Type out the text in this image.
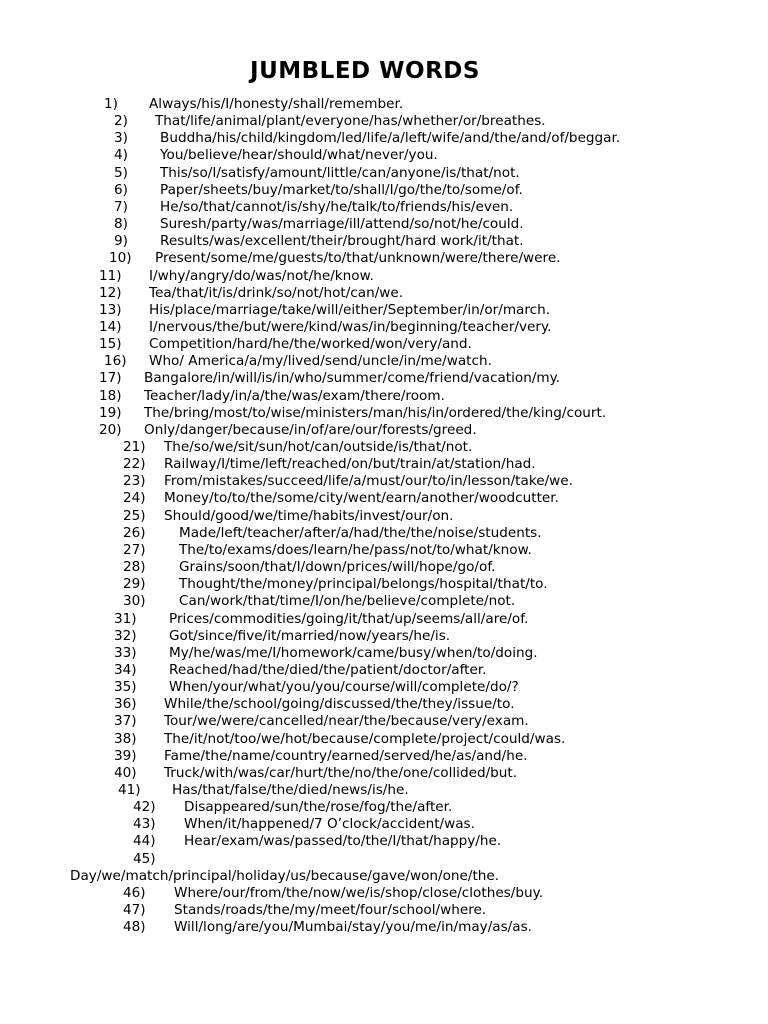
JUMBLED WORDS
1) Always/his/I/honesty/shall/remember.
2) That/life/animal/plant/everyone/has/whether/or/breathes.
3) Buddha/his/child/kingdom/led/life/a/left/wife/and/the/and/of/beggar.
4) You/believe/hear/should/what/never/you.
5) This/so/I/satisfy/amount/little/can/anyone/is/that/not.
6) Paper/sheets/buy/market/to/shall/I/go/the/to/some/of.
7) He/so/that/cannot/is/shy/he/talk/to/friends/his/even.
8) Suresh/party/was/marriage/ill/attend/so/not/he/could.
9) Results/was/excellent/their/brought/hard work/it/that.
10) Present/some/me/guests/to/that/unknown/were/there/were.
11) I/why/angry/do/was/not/he/know.
12) Tea/that/it/is/drink/so/not/hot/can/we.
13) His/place/marriage/take/will/either/September/in/or/march.
14) I/nervous/the/but/were/kind/was/in/beginning/teacher/very.
15) Competition/hard/he/the/worked/won/very/and.
16) Who/ America/a/my/lived/send/uncle/in/me/watch.
17) Bangalore/in/will/is/in/who/summer/come/friend/vacation/my.
18) Teacher/lady/in/a/the/was/exam/there/room.
19) The/bring/most/to/wise/ministers/man/his/in/ordered/the/king/court.
20) Only/danger/because/in/of/are/our/forests/greed.
21) The/so/we/sit/sun/hot/can/outside/is/that/not.
22) Railway/I/time/left/reached/on/but/train/at/station/had.
23) From/mistakes/succeed/life/a/must/our/to/in/lesson/take/we.
24) Money/to/to/the/some/city/went/earn/another/woodcutter.
25) Should/good/we/time/habits/invest/our/on.
26) Made/left/teacher/after/a/had/the/the/noise/students.
27) The/to/exams/does/learn/he/pass/not/to/what/know.
28) Grains/soon/that/I/down/prices/will/hope/go/of.
29) Thought/the/money/principal/belongs/hospital/that/to.
30) Can/work/that/time/I/on/he/believe/complete/not.
31) Prices/commodities/going/it/that/up/seems/all/are/of.
32) Got/since/five/it/married/now/years/he/is.
33) My/he/was/me/I/homework/came/busy/when/to/doing.
34) Reached/had/the/died/the/patient/doctor/after.
35) When/your/what/you/you/course/will/complete/do/?
36) While/the/school/going/discussed/the/they/issue/to.
37) Tour/we/were/cancelled/near/the/because/very/exam.
38) The/it/not/too/we/hot/because/complete/project/could/was.
39) Fame/the/name/country/earned/served/he/as/and/he.
40) Truck/with/was/car/hurt/the/no/the/one/collided/but.
41) Has/that/false/the/died/news/is/he.
42) Disappeared/sun/the/rose/fog/the/after.
43) When/it/happened/7 O’clock/accident/was.
44) Hear/exam/was/passed/to/the/I/that/happy/he.
45)
Day/we/match/principal/holiday/us/because/gave/won/one/the.
46) Where/our/from/the/now/we/is/shop/close/clothes/buy.
47) Stands/roads/the/my/meet/four/school/where.
48) Will/long/are/you/Mumbai/stay/you/me/in/may/as/as.
